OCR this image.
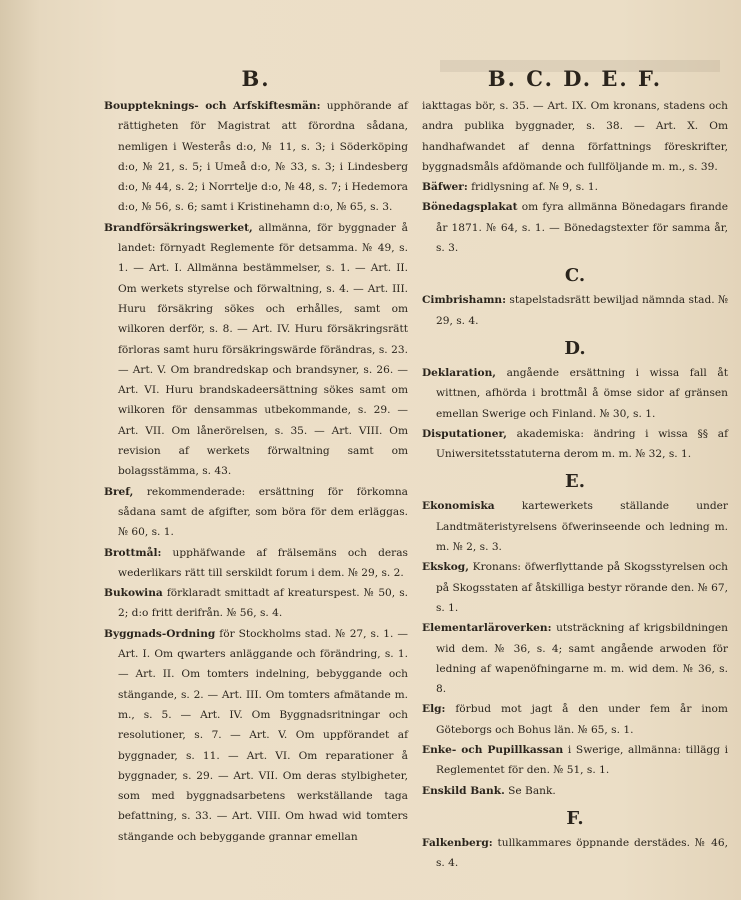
B.

Bouppteknings- och Arfskiftesmän: upphörande af rättigheten för Magistrat att förordna sådana, nemligen i Westerås d:o, № 11, s. 3; i Söderköping d:o, № 21, s. 5; i Umeå d:o, № 33, s. 3; i Lindesberg d:o, № 44, s. 2; i Norrtelje d:o, № 48, s. 7; i Hedemora d:o, № 56, s. 6; samt i Kristinehamn d:o, № 65, s. 3.

Brandförsäkringswerket, allmänna, för byggnader å landet: förnyadt Reglemente för detsamma. № 49, s. 1. — Art. I. Allmänna bestämmelser, s. 1. — Art. II. Om werkets styrelse och förwaltning, s. 4. — Art. III. Huru försäkring sökes och erhålles, samt om wilkoren derför, s. 8. — Art. IV. Huru försäkringsrätt förloras samt huru försäkringswärde förändras, s. 23. — Art. V. Om brandredskap och brandsyner, s. 26. — Art. VI. Huru brandskadeersättning sökes samt om wilkoren för densammas utbekommande, s. 29. — Art. VII. Om lånerörelsen, s. 35. — Art. VIII. Om revision af werkets förwaltning samt om bolagsstämma, s. 43.

Bref, rekommenderade: ersättning för förkomna sådana samt de afgifter, som böra för dem erläggas. № 60, s. 1.

Brottmål: upphäfwande af frälsemäns och deras wederlikars rätt till serskildt forum i dem. № 29, s. 2.

Bukowina förklaradt smittadt af kreaturspest. № 50, s. 2; d:o fritt derifrån. № 56, s. 4.

Byggnads-Ordning för Stockholms stad. № 27, s. 1. — Art. I. Om qwarters anläggande och förändring, s. 1. — Art. II. Om tomters indelning, bebyggande och stängande, s. 2. — Art. III. Om tomters afmätande m. m., s. 5. — Art. IV. Om Byggnadsritningar och resolutioner, s. 7. — Art. V. Om uppförandet af byggnader, s. 11. — Art. VI. Om reparationer å byggnader, s. 29. — Art. VII. Om deras stylbigheter, som med byggnadsarbetens werkställande taga befattning, s. 33. — Art. VIII. Om hwad wid tomters stängande och bebyggande grannar emellan

B. C. D. E. F.

iakttagas bör, s. 35. — Art. IX. Om kronans, stadens och andra publika byggnader, s. 38. — Art. X. Om handhafwandet af denna författnings föreskrifter, byggnadsmåls afdömande och fullföljande m. m., s. 39.

Bäfwer: fridlysning af. № 9, s. 1.

Bönedagsplakat om fyra allmänna Bönedagars firande år 1871. № 64, s. 1. — Bönedagstexter för samma år, s. 3.

C.

Cimbrishamn: stapelstadsrätt bewiljad nämnda stad. № 29, s. 4.

D.

Deklaration, angående ersättning i wissa fall åt wittnen, afhörda i brottmål å ömse sidor af gränsen emellan Swerige och Finland. № 30, s. 1.

Disputationer, akademiska: ändring i wissa §§ af Uniwersitetsstatuterna derom m. m. № 32, s. 1.

E.

Ekonomiska	kartewerkets ställande under Landtmäteristyrelsens öfwerinseende och ledning m. m. № 2, s. 3.

Ekskog, Kronans: öfwerflyttande på Skogsstyrelsen och på Skogsstaten af åtskilliga bestyr rörande den. № 67, s. 1.

Elementarläroverken: utsträckning af krigsbildningen wid dem. № 36, s. 4; samt angående arwoden för ledning af wapenöfningarne m. m. wid dem. № 36, s. 8.

Elg: förbud mot jagt å den under fem år inom Göteborgs och Bohus län. № 65, s. 1.

Enke- och Pupillkassan i Swerige, allmänna: tillägg i Reglementet för den. № 51, s. 1.

Enskild Bank. Se Bank.

F.

Falkenberg: tullkammares öppnande derstädes. № 46, s. 4.
